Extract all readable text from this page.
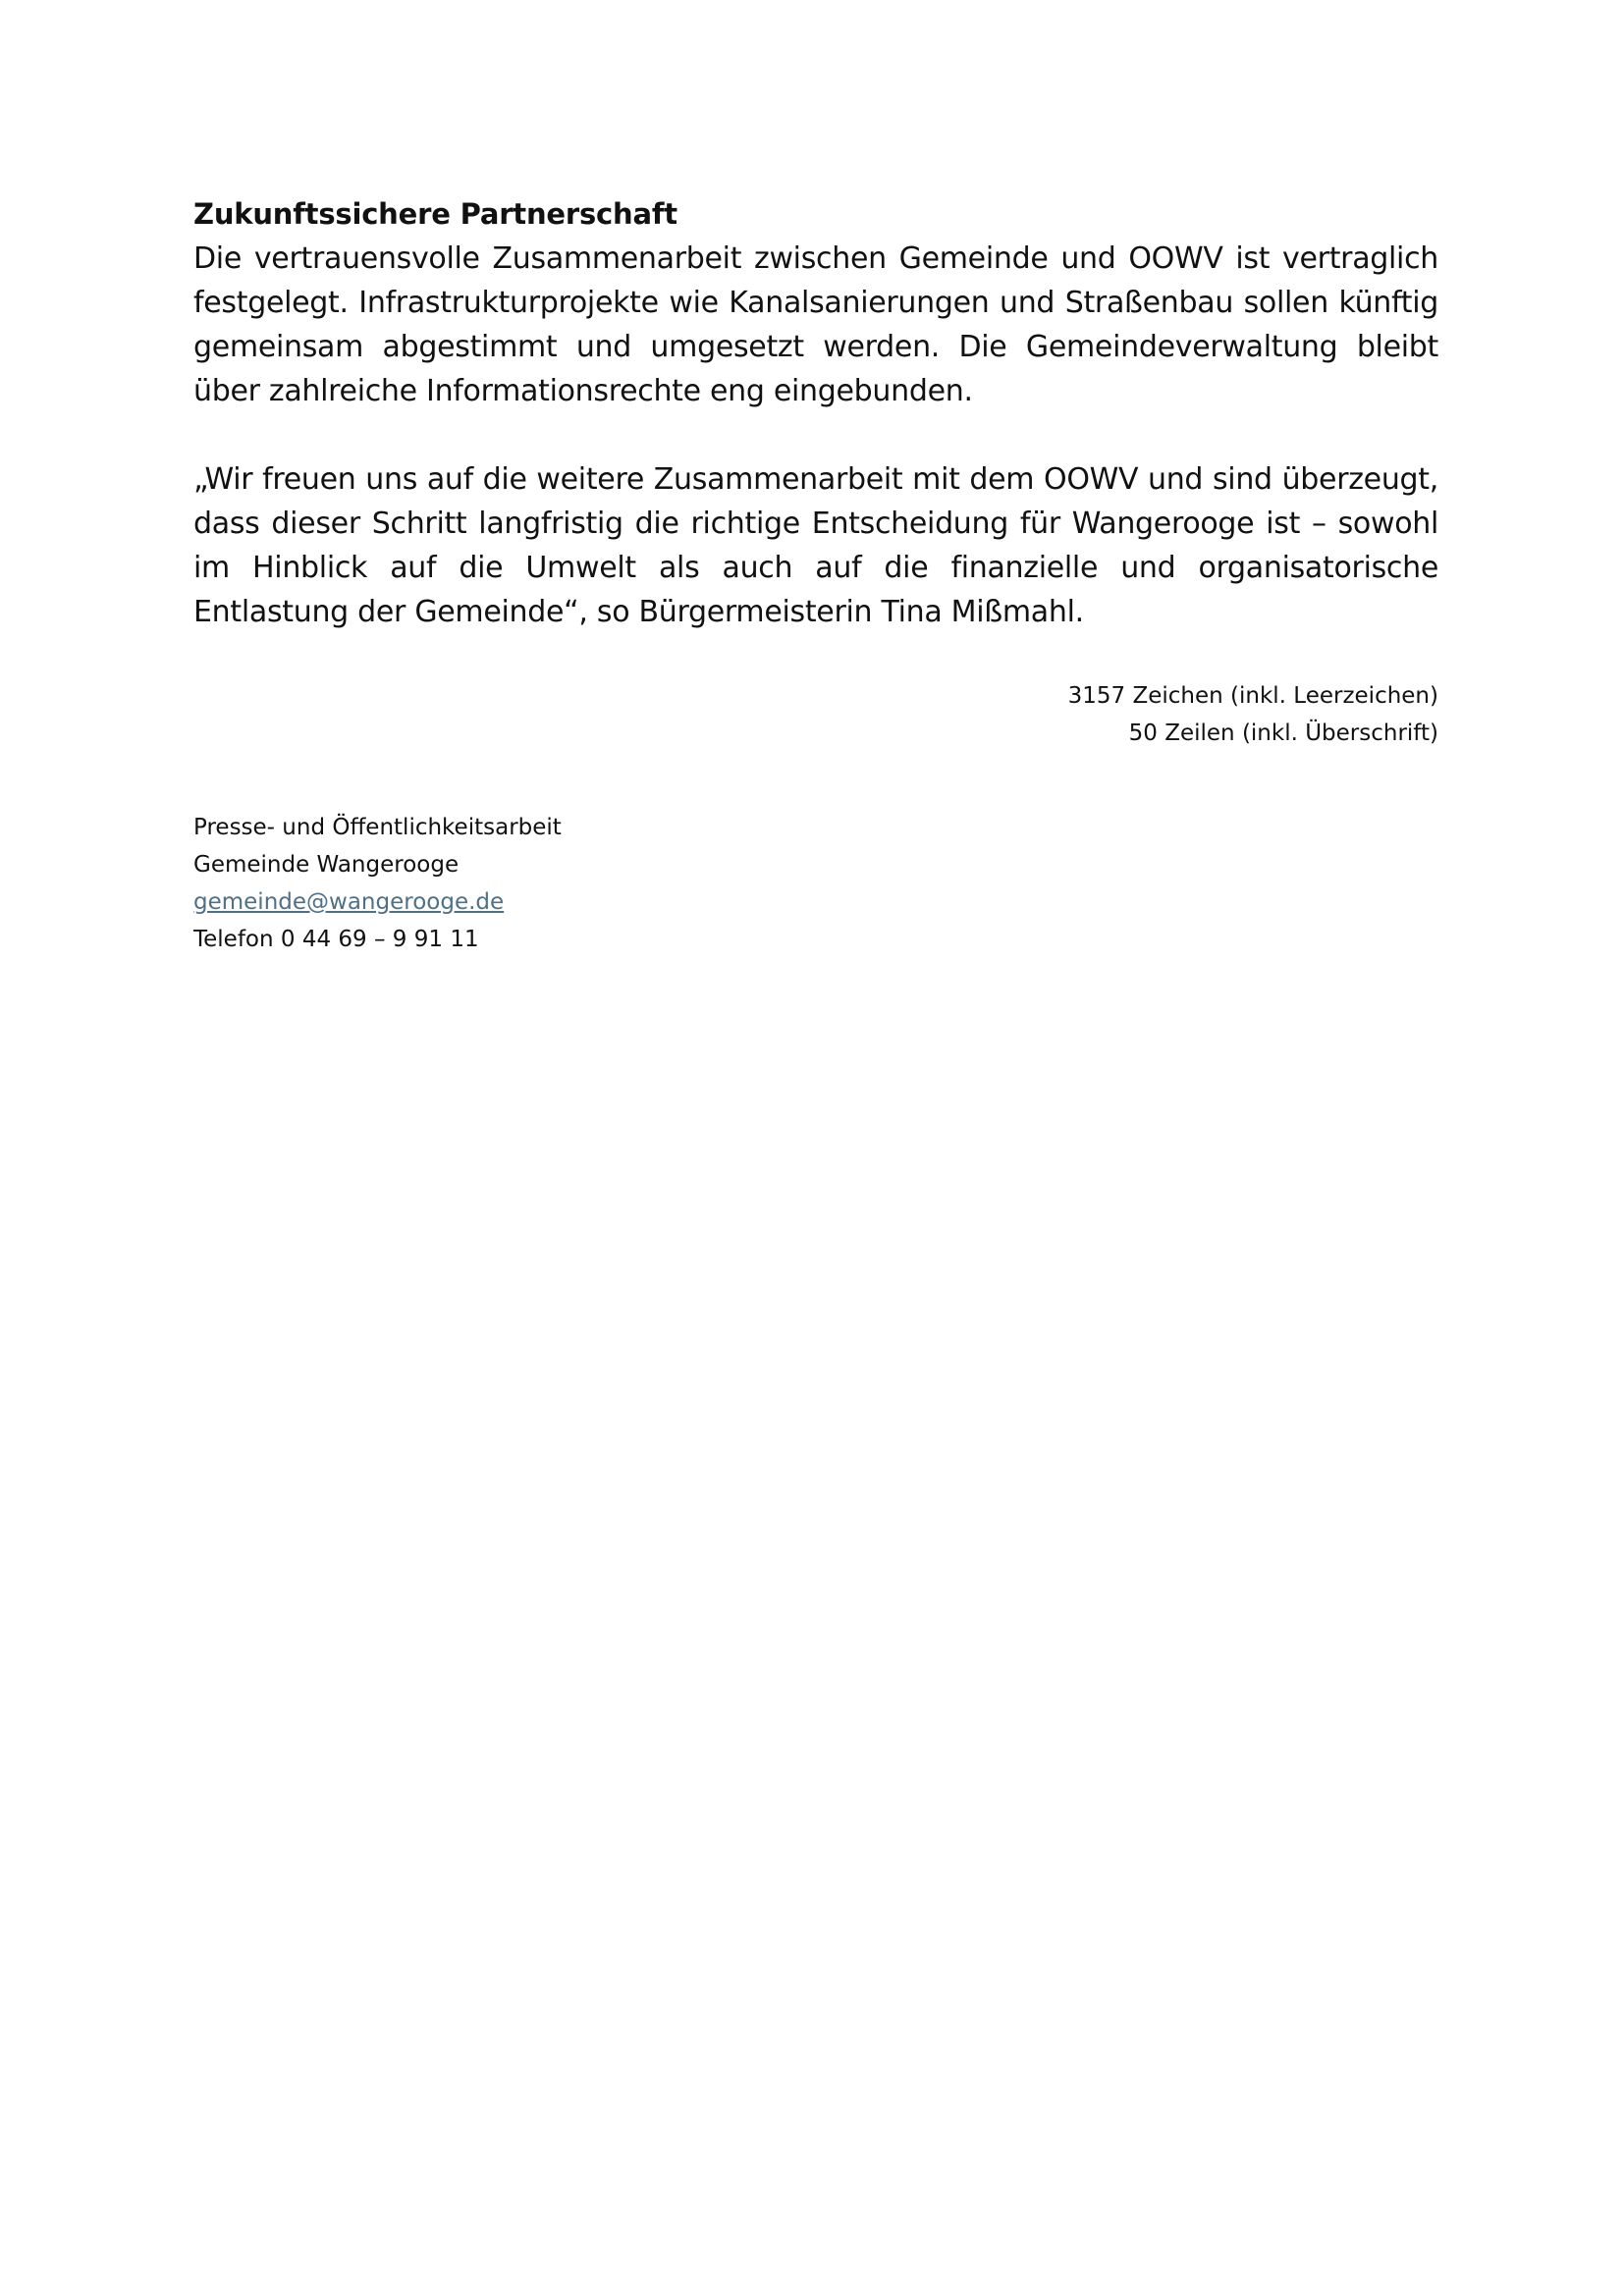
Zukunftssichere Partnerschaft

Die vertrauensvolle Zusammenarbeit zwischen Gemeinde und OOWV ist vertraglich festgelegt. Infrastrukturprojekte wie Kanalsanierungen und Straßenbau sollen künftig gemeinsam abgestimmt und umgesetzt werden. Die Gemeindeverwaltung bleibt über zahlreiche Informationsrechte eng eingebunden.

„Wir freuen uns auf die weitere Zusammenarbeit mit dem OOWV und sind überzeugt, dass dieser Schritt langfristig die richtige Entscheidung für Wangerooge ist – sowohl im Hinblick auf die Umwelt als auch auf die finanzielle und organisatorische Entlastung der Gemeinde“, so Bürgermeisterin Tina Mißmahl.

3157 Zeichen (inkl. Leerzeichen)
50 Zeilen (inkl. Überschrift)
Presse- und Öffentlichkeitsarbeit
Gemeinde Wangerooge
gemeinde@wangerooge.de
Telefon 0 44 69 – 9 91 11
